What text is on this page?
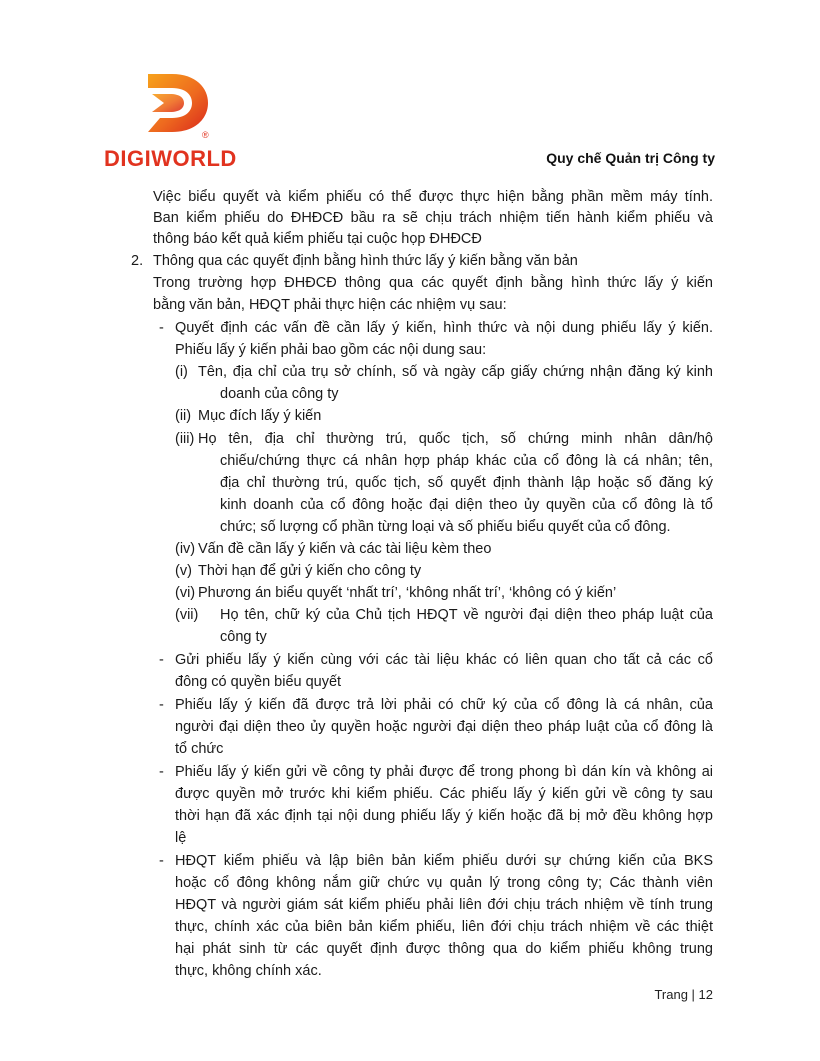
®
DIGIWORLD	Quy chế Quản trị Công ty
Việc biểu quyết và kiểm phiếu có thể được thực hiện bằng phần mềm máy tính.
Ban kiểm phiếu do ĐHĐCĐ bầu ra sẽ chịu trách nhiệm tiến hành kiểm phiếu và
thông báo kết quả kiểm phiếu tại cuộc họp ĐHĐCĐ
2. Thông qua các quyết định bằng hình thức lấy ý kiến bằng văn bản
Trong trường hợp ĐHĐCĐ thông qua các quyết định bằng hình thức lấy ý kiến
bằng văn bản, HĐQT phải thực hiện các nhiệm vụ sau:
- Quyết định các vấn đề cần lấy ý kiến, hình thức và nội dung phiếu lấy ý kiến.
Phiếu lấy ý kiến phải bao gồm các nội dung sau:
(i) Tên, địa chỉ của trụ sở chính, số và ngày cấp giấy chứng nhận đăng ký kinh
doanh của công ty
(ii) Mục đích lấy ý kiến
(iii) Họ tên, địa chỉ thường trú, quốc tịch, số chứng minh nhân dân/hộ
chiếu/chứng thực cá nhân hợp pháp khác của cổ đông là cá nhân; tên,
địa chỉ thường trú, quốc tịch, số quyết định thành lập hoặc số đăng ký
kinh doanh của cổ đông hoặc đại diện theo ủy quyền của cổ đông là tổ
chức; số lượng cổ phần từng loại và số phiếu biểu quyết của cổ đông.
(iv) Vấn đề cần lấy ý kiến và các tài liệu kèm theo
(v) Thời hạn để gửi ý kiến cho công ty
(vi) Phương án biểu quyết ‘nhất trí’, ‘không nhất trí’, ‘không có ý kiến’
(vii) Họ tên, chữ ký của Chủ tịch HĐQT về người đại diện theo pháp luật của
công ty
- Gửi phiếu lấy ý kiến cùng với các tài liệu khác có liên quan cho tất cả các cổ
đông có quyền biểu quyết
- Phiếu lấy ý kiến đã được trả lời phải có chữ ký của cổ đông là cá nhân, của
người đại diện theo ủy quyền hoặc người đại diện theo pháp luật của cổ đông là
tổ chức
- Phiếu lấy ý kiến gửi về công ty phải được để trong phong bì dán kín và không ai
được quyền mở trước khi kiểm phiếu. Các phiếu lấy ý kiến gửi về công ty sau
thời hạn đã xác định tại nội dung phiếu lấy ý kiến hoặc đã bị mở đều không hợp
lệ
- HĐQT kiểm phiếu và lập biên bản kiểm phiếu dưới sự chứng kiến của BKS
hoặc cổ đông không nắm giữ chức vụ quản lý trong công ty; Các thành viên
HĐQT và người giám sát kiểm phiếu phải liên đới chịu trách nhiệm về tính trung
thực, chính xác của biên bản kiểm phiếu, liên đới chịu trách nhiệm về các thiệt
hại phát sinh từ các quyết định được thông qua do kiểm phiếu không trung
thực, không chính xác.
Trang | 12
